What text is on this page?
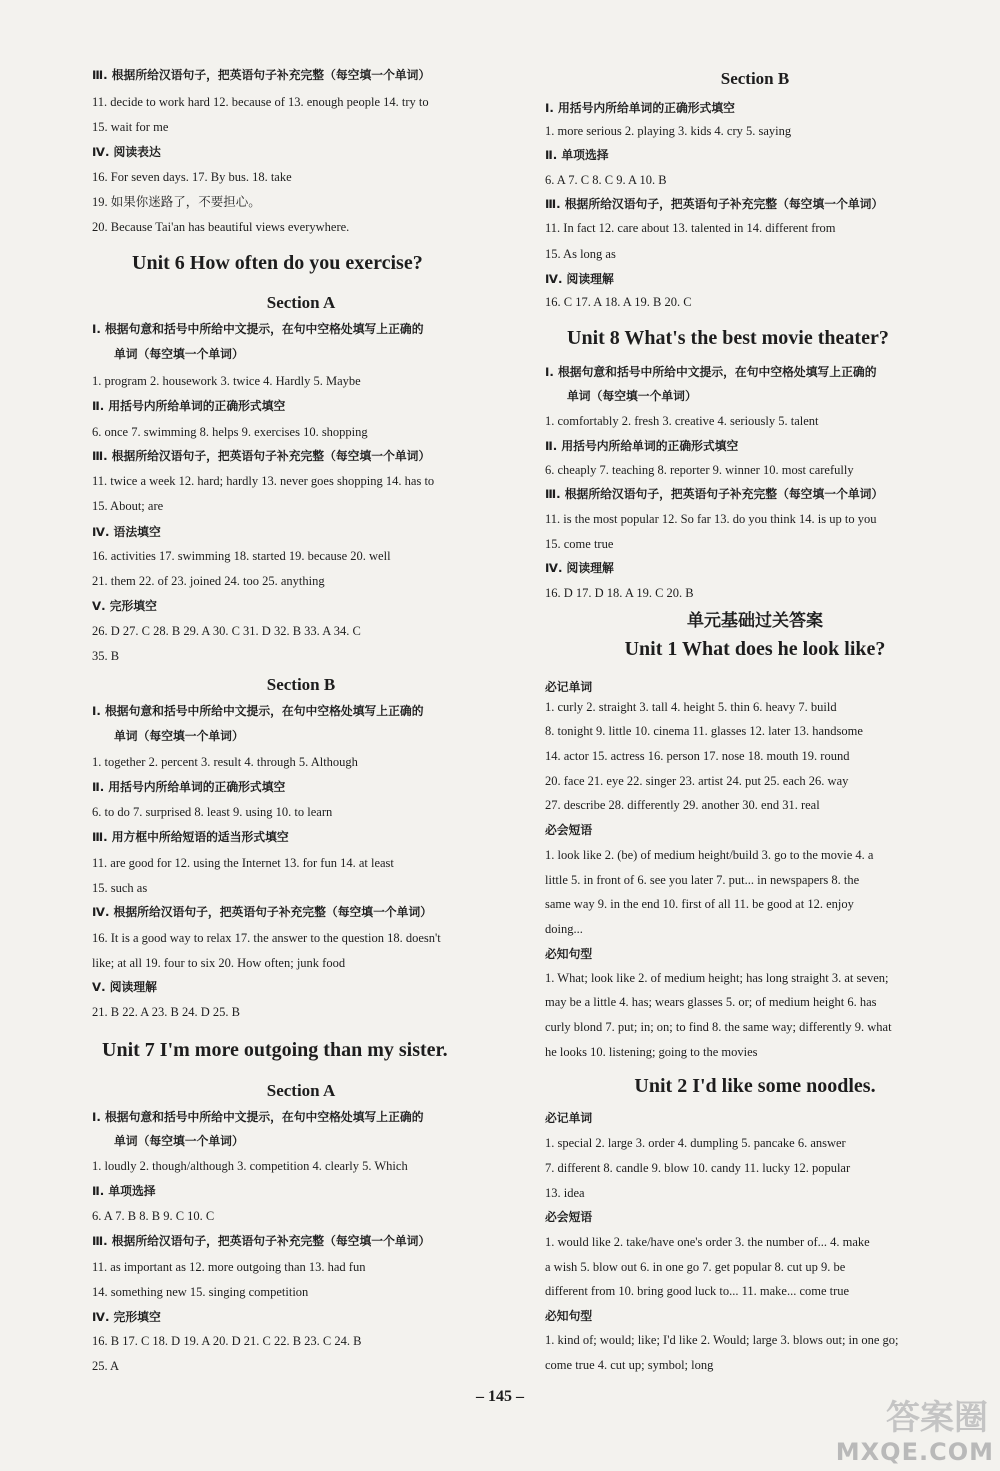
Ⅲ. 根据所给汉语句子，把英语句子补充完整（每空填一个单词）
11. decide to work hard 12. because of 13. enough people 14. try to
15. wait for me
Ⅳ. 阅读表达
16. For seven days. 17. By bus. 18. take
19. 如果你迷路了，不要担心。
20. Because Tai'an has beautiful views everywhere.
Unit 6 How often do you exercise?
Section A
Ⅰ. 根据句意和括号中所给中文提示，在句中空格处填写上正确的
单词（每空填一个单词）
1. program 2. housework 3. twice 4. Hardly 5. Maybe
Ⅱ. 用括号内所给单词的正确形式填空
6. once 7. swimming 8. helps 9. exercises 10. shopping
Ⅲ. 根据所给汉语句子，把英语句子补充完整（每空填一个单词）
11. twice a week 12. hard; hardly 13. never goes shopping 14. has to
15. About; are
Ⅳ. 语法填空
16. activities 17. swimming 18. started 19. because 20. well
21. them 22. of 23. joined 24. too 25. anything
Ⅴ. 完形填空
26. D 27. C 28. B 29. A 30. C 31. D 32. B 33. A 34. C
35. B
Section B
Ⅰ. 根据句意和括号中所给中文提示，在句中空格处填写上正确的
单词（每空填一个单词）
1. together 2. percent 3. result 4. through 5. Although
Ⅱ. 用括号内所给单词的正确形式填空
6. to do 7. surprised 8. least 9. using 10. to learn
Ⅲ. 用方框中所给短语的适当形式填空
11. are good for 12. using the Internet 13. for fun 14. at least
15. such as
Ⅳ. 根据所给汉语句子，把英语句子补充完整（每空填一个单词）
16. It is a good way to relax 17. the answer to the question 18. doesn't
like; at all 19. four to six 20. How often; junk food
Ⅴ. 阅读理解
21. B 22. A 23. B 24. D 25. B
Unit 7 I'm more outgoing than my sister.
Section A
Ⅰ. 根据句意和括号中所给中文提示，在句中空格处填写上正确的
单词（每空填一个单词）
1. loudly 2. though/although 3. competition 4. clearly 5. Which
Ⅱ. 单项选择
6. A 7. B 8. B 9. C 10. C
Ⅲ. 根据所给汉语句子，把英语句子补充完整（每空填一个单词）
11. as important as 12. more outgoing than 13. had fun
14. something new 15. singing competition
Ⅳ. 完形填空
16. B 17. C 18. D 19. A 20. D 21. C 22. B 23. C 24. B
25. A
Section B
Ⅰ. 用括号内所给单词的正确形式填空
1. more serious 2. playing 3. kids 4. cry 5. saying
Ⅱ. 单项选择
6. A 7. C 8. C 9. A 10. B
Ⅲ. 根据所给汉语句子，把英语句子补充完整（每空填一个单词）
11. In fact 12. care about 13. talented in 14. different from
15. As long as
Ⅳ. 阅读理解
16. C 17. A 18. A 19. B 20. C
Unit 8 What's the best movie theater?
Ⅰ. 根据句意和括号中所给中文提示，在句中空格处填写上正确的
单词（每空填一个单词）
1. comfortably 2. fresh 3. creative 4. seriously 5. talent
Ⅱ. 用括号内所给单词的正确形式填空
6. cheaply 7. teaching 8. reporter 9. winner 10. most carefully
Ⅲ. 根据所给汉语句子，把英语句子补充完整（每空填一个单词）
11. is the most popular 12. So far 13. do you think 14. is up to you
15. come true
Ⅳ. 阅读理解
16. D 17. D 18. A 19. C 20. B
单元基础过关答案
Unit 1 What does he look like?
必记单词
1. curly 2. straight 3. tall 4. height 5. thin 6. heavy 7. build
8. tonight 9. little 10. cinema 11. glasses 12. later 13. handsome
14. actor 15. actress 16. person 17. nose 18. mouth 19. round
20. face 21. eye 22. singer 23. artist 24. put 25. each 26. way
27. describe 28. differently 29. another 30. end 31. real
必会短语
1. look like 2. (be) of medium height/build 3. go to the movie 4. a
little 5. in front of 6. see you later 7. put... in newspapers 8. the
same way 9. in the end 10. first of all 11. be good at 12. enjoy
doing...
必知句型
1. What; look like 2. of medium height; has long straight 3. at seven;
may be a little 4. has; wears glasses 5. or; of medium height 6. has
curly blond 7. put; in; on; to find 8. the same way; differently 9. what
he looks 10. listening; going to the movies
Unit 2 I'd like some noodles.
必记单词
1. special 2. large 3. order 4. dumpling 5. pancake 6. answer
7. different 8. candle 9. blow 10. candy 11. lucky 12. popular
13. idea
必会短语
1. would like 2. take/have one's order 3. the number of... 4. make
a wish 5. blow out 6. in one go 7. get popular 8. cut up 9. be
different from 10. bring good luck to... 11. make... come true
必知句型
1. kind of; would; like; I'd like 2. Would; large 3. blows out; in one go;
come true 4. cut up; symbol; long
– 145 –
答案圈
MXQE.COM
